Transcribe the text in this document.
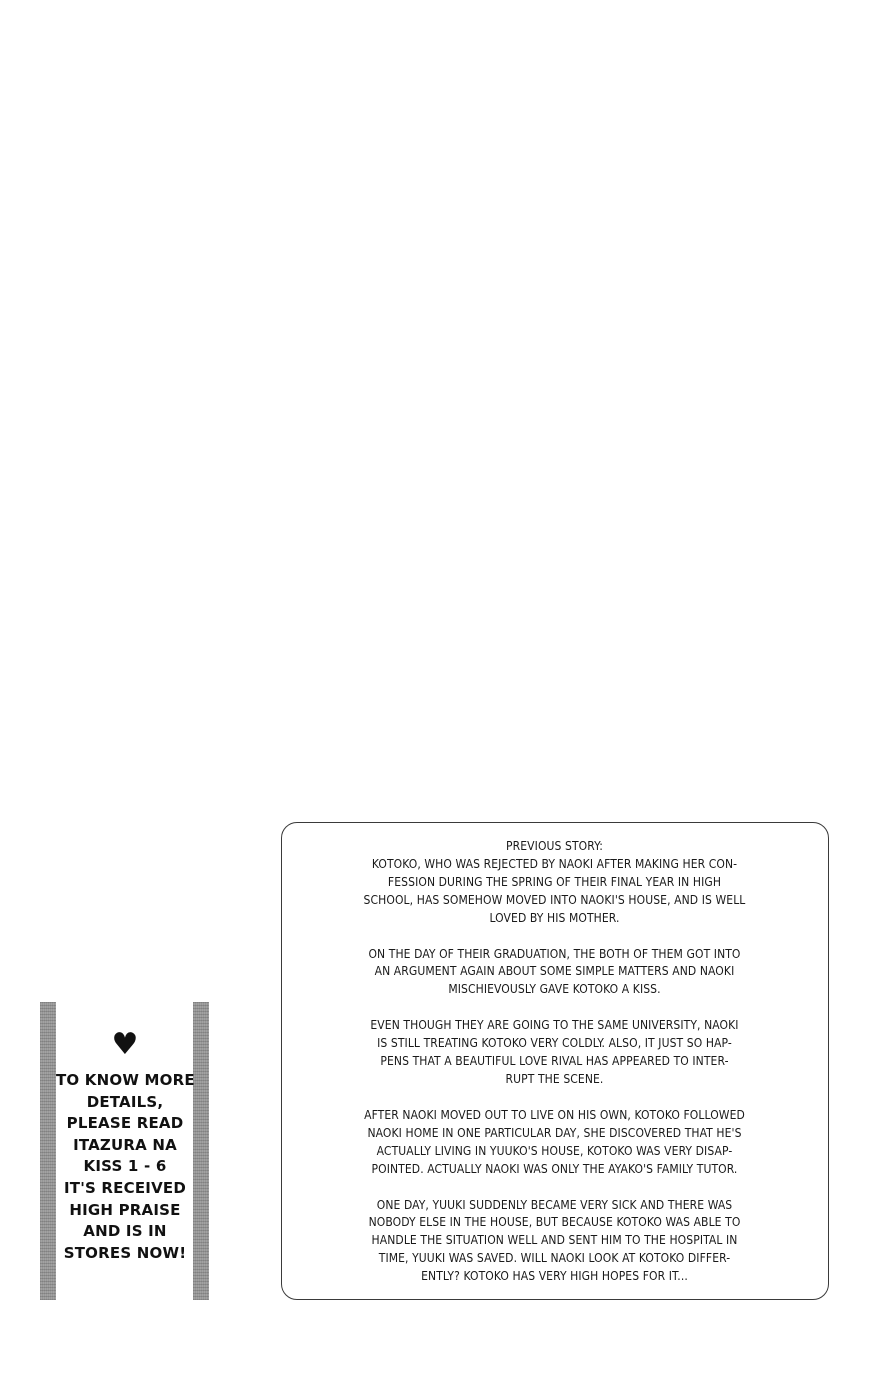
♥
TO KNOW MORE
DETAILS,
PLEASE READ
ITAZURA NA
KISS 1 - 6
IT'S RECEIVED
HIGH PRAISE
AND IS IN
STORES NOW!
PREVIOUS STORY:
KOTOKO, WHO WAS REJECTED BY NAOKI AFTER MAKING HER CON-
FESSION DURING THE SPRING OF THEIR FINAL YEAR IN HIGH
SCHOOL, HAS SOMEHOW MOVED INTO NAOKI'S HOUSE, AND IS WELL
LOVED BY HIS MOTHER.
ON THE DAY OF THEIR GRADUATION, THE BOTH OF THEM GOT INTO
AN ARGUMENT AGAIN ABOUT SOME SIMPLE MATTERS AND NAOKI
MISCHIEVOUSLY GAVE KOTOKO A KISS.
EVEN THOUGH THEY ARE GOING TO THE SAME UNIVERSITY, NAOKI
IS STILL TREATING KOTOKO VERY COLDLY. ALSO, IT JUST SO HAP-
PENS THAT A BEAUTIFUL LOVE RIVAL HAS APPEARED TO INTER-
RUPT THE SCENE.
AFTER NAOKI MOVED OUT TO LIVE ON HIS OWN, KOTOKO FOLLOWED
NAOKI HOME IN ONE PARTICULAR DAY, SHE DISCOVERED THAT HE'S
ACTUALLY LIVING IN YUUKO'S HOUSE, KOTOKO WAS VERY DISAP-
POINTED. ACTUALLY NAOKI WAS ONLY THE AYAKO'S FAMILY TUTOR.
ONE DAY, YUUKI SUDDENLY BECAME VERY SICK AND THERE WAS
NOBODY ELSE IN THE HOUSE, BUT BECAUSE KOTOKO WAS ABLE TO
HANDLE THE SITUATION WELL AND SENT HIM TO THE HOSPITAL IN
TIME, YUUKI WAS SAVED. WILL NAOKI LOOK AT KOTOKO DIFFER-
ENTLY? KOTOKO HAS VERY HIGH HOPES FOR IT...
